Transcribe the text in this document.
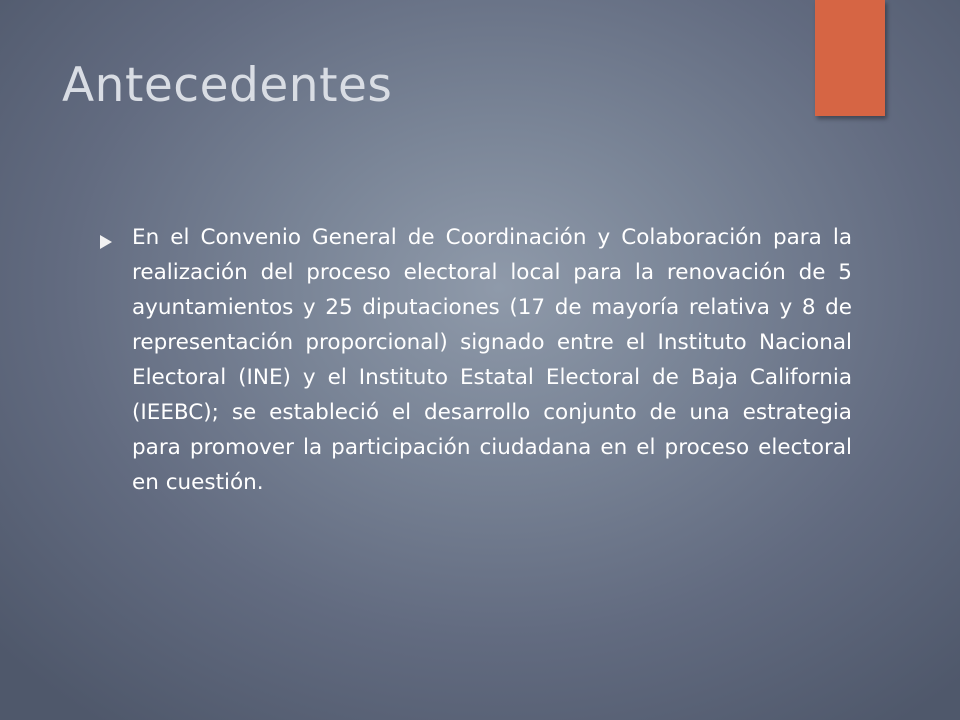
Antecedentes
En el Convenio General de Coordinación y Colaboración para la realización del proceso electoral local para la renovación de 5 ayuntamientos y 25 diputaciones (17 de mayoría relativa y 8 de representación proporcional) signado entre el Instituto Nacional Electoral (INE) y el Instituto Estatal Electoral de Baja California (IEEBC); se estableció el desarrollo conjunto de una estrategia para promover la participación ciudadana en el proceso electoral en cuestión.
